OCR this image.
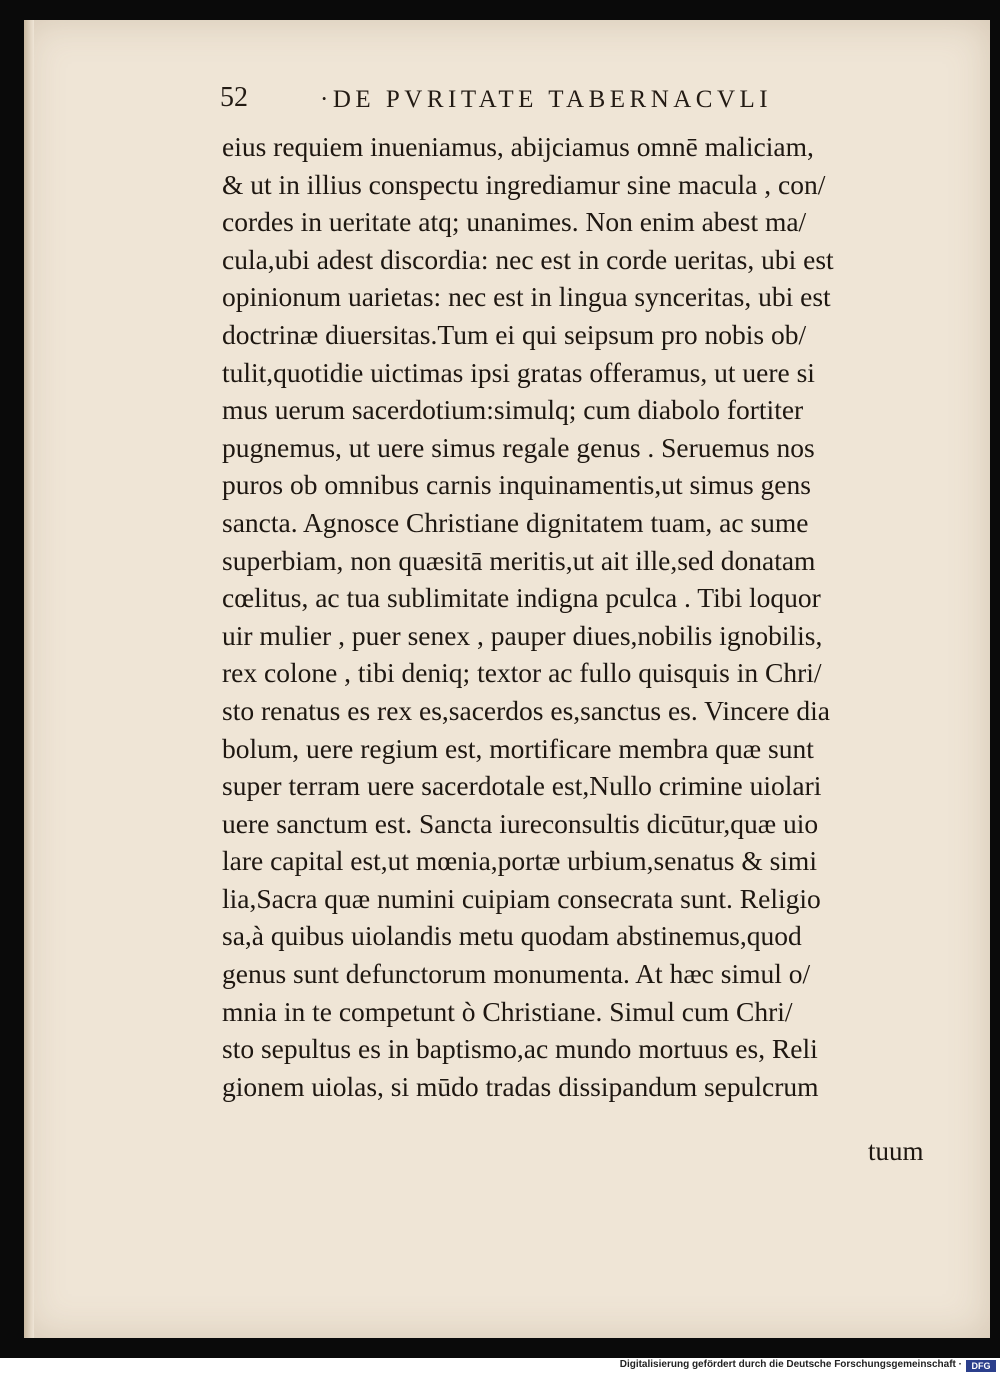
52	·DE PVRITATE TABERNACVLI
eius requiem inueniamus, abijciamus omnē maliciam,
& ut in illius conspectu ingrediamur sine macula , con/
cordes in ueritate atq; unanimes. Non enim abest ma/
cula,ubi adest discordia: nec est in corde ueritas, ubi est
opinionum uarietas: nec est in lingua synceritas, ubi est
doctrinæ diuersitas.Tum ei qui seipsum pro nobis ob/
tulit,quotidie uictimas ipsi gratas offeramus, ut uere si
mus uerum sacerdotium:simulq; cum diabolo fortiter
pugnemus, ut uere simus regale genus . Seruemus nos
puros ob omnibus carnis inquinamentis,ut simus gens
sancta. Agnosce Christiane dignitatem tuam, ac sume
superbiam, non quæsitā meritis,ut ait ille,sed donatam
cœlitus, ac tua sublimitate indigna pculca . Tibi loquor
uir mulier , puer senex , pauper diues,nobilis ignobilis,
rex colone , tibi deniq; textor ac fullo quisquis in Chri/
sto renatus es rex es,sacerdos es,sanctus es. Vincere dia
bolum, uere regium est, mortificare membra quæ sunt
super terram uere sacerdotale est,Nullo crimine uiolari
uere sanctum est. Sancta iureconsultis dicūtur,quæ uio
lare capital est,ut mœnia,portæ urbium,senatus & simi
lia,Sacra quæ numini cuipiam consecrata sunt. Religio
sa,à quibus uiolandis metu quodam abstinemus,quod
genus sunt defunctorum monumenta. At hæc simul o/
mnia in te competunt ò Christiane. Simul cum Chri/
sto sepultus es in baptismo,ac mundo mortuus es, Reli
gionem uiolas, si mūdo tradas dissipandum sepulcrum
tuum
Digitalisierung gefördert durch die Deutsche Forschungsgemeinschaft ·	DFG
